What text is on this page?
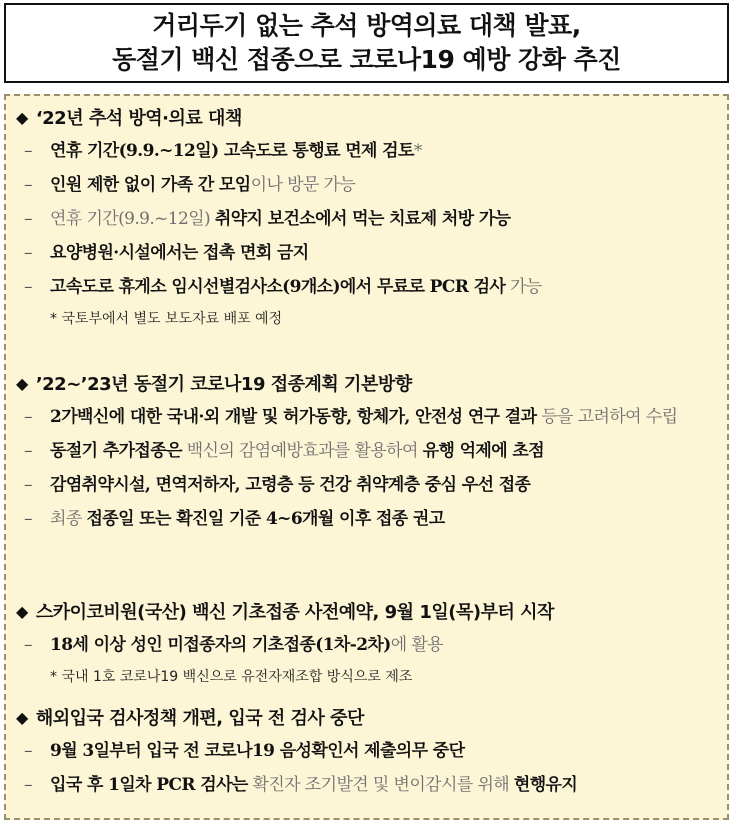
거리두기 없는 추석 방역의료 대책 발표,
동절기 백신 접종으로 코로나19 예방 강화 추진
◆ ‘22년 추석 방역·의료 대책
–	연휴 기간(9.9.~12일) 고속도로 통행료 면제 검토*
–	인원 제한 없이 가족 간 모임이나 방문 가능
–	연휴 기간(9.9.~12일) 취약지 보건소에서 먹는 치료제 처방 가능
–	요양병원·시설에서는 접촉 면회 금지
–	고속도로 휴게소 임시선별검사소(9개소)에서 무료로 PCR 검사 가능
* 국토부에서 별도 보도자료 배포 예정
◆ ’22∼’23년 동절기 코로나19 접종계획 기본방향
–	2가백신에 대한 국내·외 개발 및 허가동향, 항체가, 안전성 연구 결과 등을 고려하여 수립
–	동절기 추가접종은 백신의 감염예방효과를 활용하여 유행 억제에 초점
–	감염취약시설, 면역저하자, 고령층 등 건강 취약계층 중심 우선 접종
–	최종 접종일 또는 확진일 기준 4~6개월 이후 접종 권고
◆ 스카이코비원(국산) 백신 기초접종 사전예약, 9월 1일(목)부터 시작
–	18세 이상 성인 미접종자의 기초접종(1차-2차)에 활용
* 국내 1호 코로나19 백신으로 유전자재조합 방식으로 제조
◆ 해외입국 검사정책 개편, 입국 전 검사 중단
–	9월 3일부터 입국 전 코로나19 음성확인서 제출의무 중단
–	입국 후 1일차 PCR 검사는 확진자 조기발견 및 변이감시를 위해 현행유지
